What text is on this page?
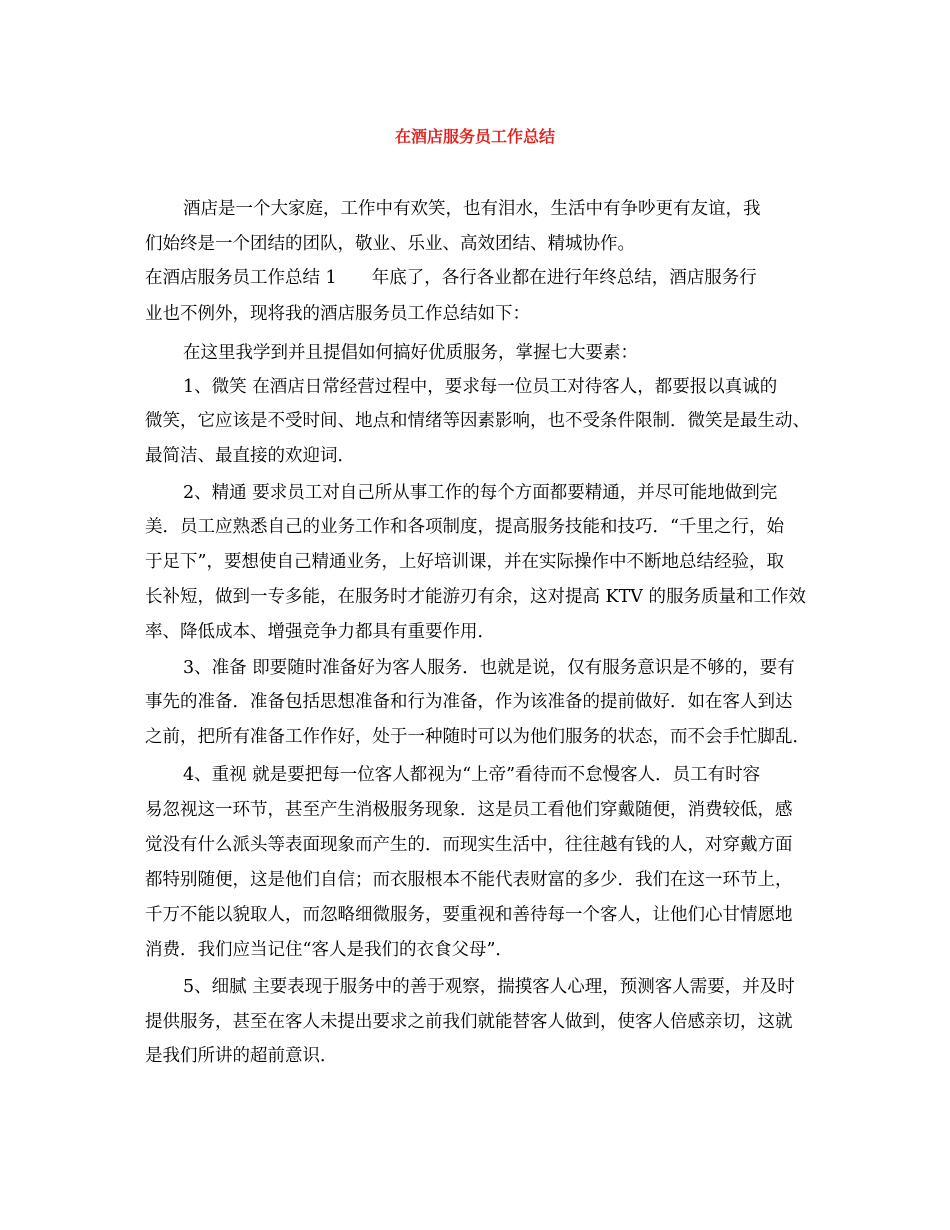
在酒店服务员工作总结

酒店是一个大家庭，工作中有欢笑，也有泪水，生活中有争吵更有友谊，我

们始终是一个团结的团队，敬业、乐业、高效团结、精城协作。

在酒店服务员工作总结 1　　年底了，各行各业都在进行年终总结，酒店服务行

业也不例外，现将我的酒店服务员工作总结如下：

在这里我学到并且提倡如何搞好优质服务，掌握七大要素：

1、微笑 在酒店日常经营过程中，要求每一位员工对待客人，都要报以真诚的

微笑，它应该是不受时间、地点和情绪等因素影响，也不受条件限制．微笑是最生动、

最简洁、最直接的欢迎词．

2、精通 要求员工对自己所从事工作的每个方面都要精通，并尽可能地做到完

美．员工应熟悉自己的业务工作和各项制度，提高服务技能和技巧．“千里之行，始

于足下”，要想使自己精通业务，上好培训课，并在实际操作中不断地总结经验，取

长补短，做到一专多能，在服务时才能游刃有余，这对提高 KTV 的服务质量和工作效

率、降低成本、增强竞争力都具有重要作用．

3、准备 即要随时准备好为客人服务．也就是说，仅有服务意识是不够的，要有

事先的准备．准备包括思想准备和行为准备，作为该准备的提前做好．如在客人到达

之前，把所有准备工作作好，处于一种随时可以为他们服务的状态，而不会手忙脚乱．

4、重视 就是要把每一位客人都视为“上帝”看待而不怠慢客人．员工有时容

易忽视这一环节，甚至产生消极服务现象．这是员工看他们穿戴随便，消费较低，感

觉没有什么派头等表面现象而产生的．而现实生活中，往往越有钱的人，对穿戴方面

都特别随便，这是他们自信；而衣服根本不能代表财富的多少．我们在这一环节上，

千万不能以貌取人，而忽略细微服务，要重视和善待每一个客人，让他们心甘情愿地

消费．我们应当记住“客人是我们的衣食父母”．

5、细腻 主要表现于服务中的善于观察，揣摸客人心理，预测客人需要，并及时

提供服务，甚至在客人未提出要求之前我们就能替客人做到，使客人倍感亲切，这就

是我们所讲的超前意识．
